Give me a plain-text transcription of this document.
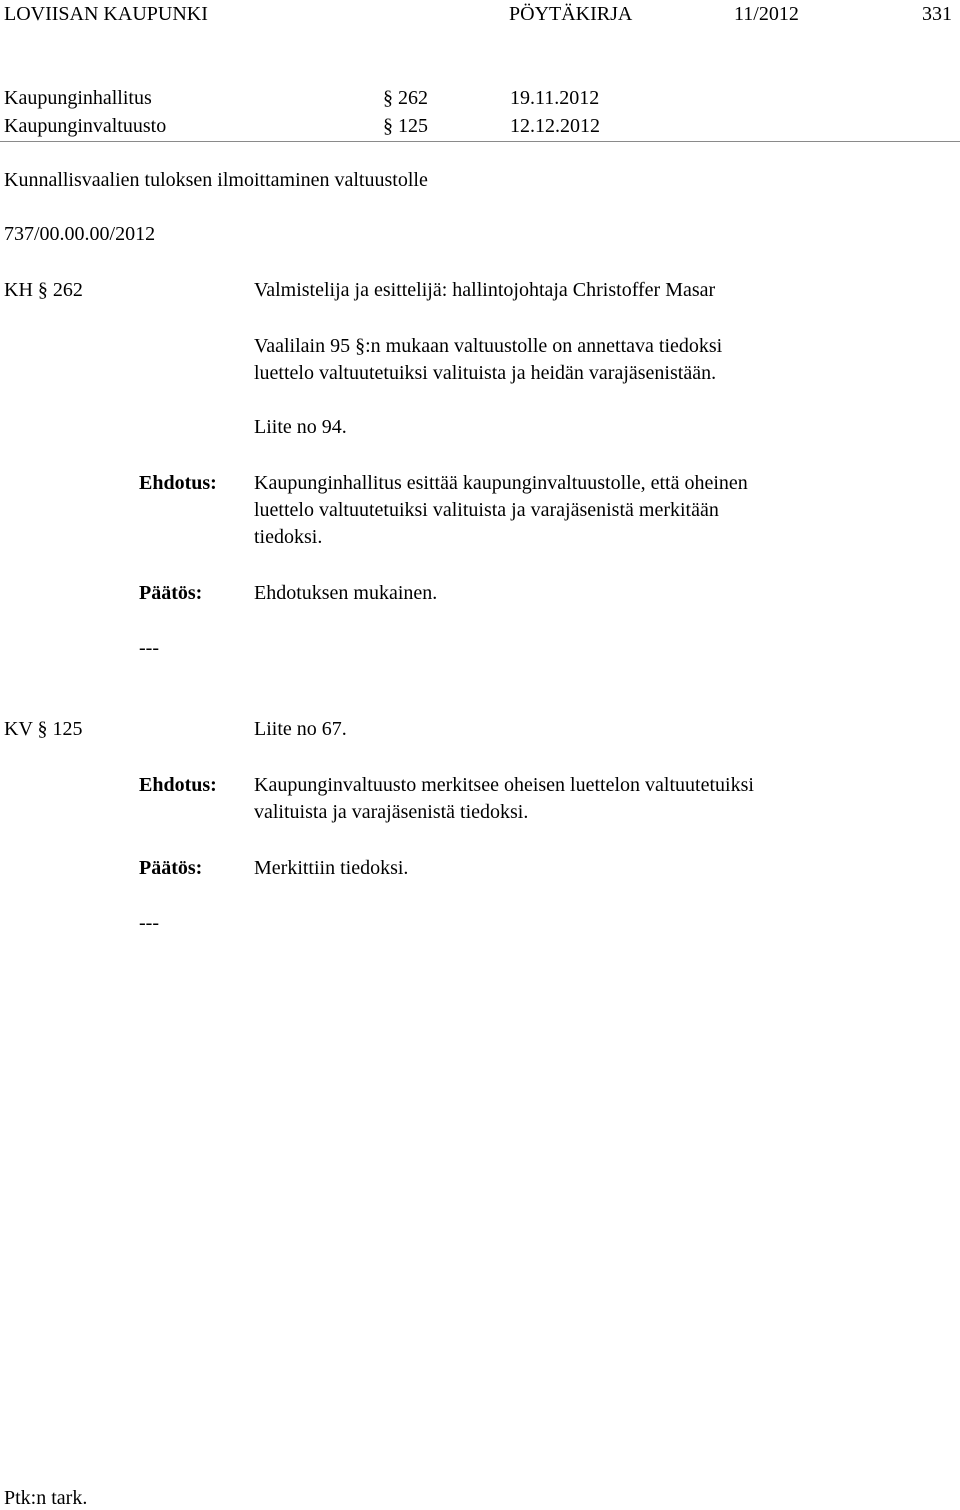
LOVIISAN KAUPUNKI	PÖYTÄKIRJA	11/2012	331
Kaupunginhallitus	§ 262	19.11.2012
Kaupunginvaltuusto	§ 125	12.12.2012
Kunnallisvaalien tuloksen ilmoittaminen valtuustolle
737/00.00.00/2012
KH § 262	Valmistelija ja esittelijä: hallintojohtaja Christoffer Masar
Vaalilain 95 §:n mukaan valtuustolle on annettava tiedoksi
luettelo valtuutetuiksi valituista ja heidän varajäsenistään.
Liite no 94.
Ehdotus: Kaupunginhallitus esittää kaupunginvaltuustolle, että oheinen
luettelo valtuutetuiksi valituista ja varajäsenistä merkitään
tiedoksi.
Päätös:	Ehdotuksen mukainen.
---
KV § 125	Liite no 67.
Ehdotus: Kaupunginvaltuusto merkitsee oheisen luettelon valtuutetuiksi
valituista ja varajäsenistä tiedoksi.
Päätös:	Merkittiin tiedoksi.
---
Ptk:n tark.
